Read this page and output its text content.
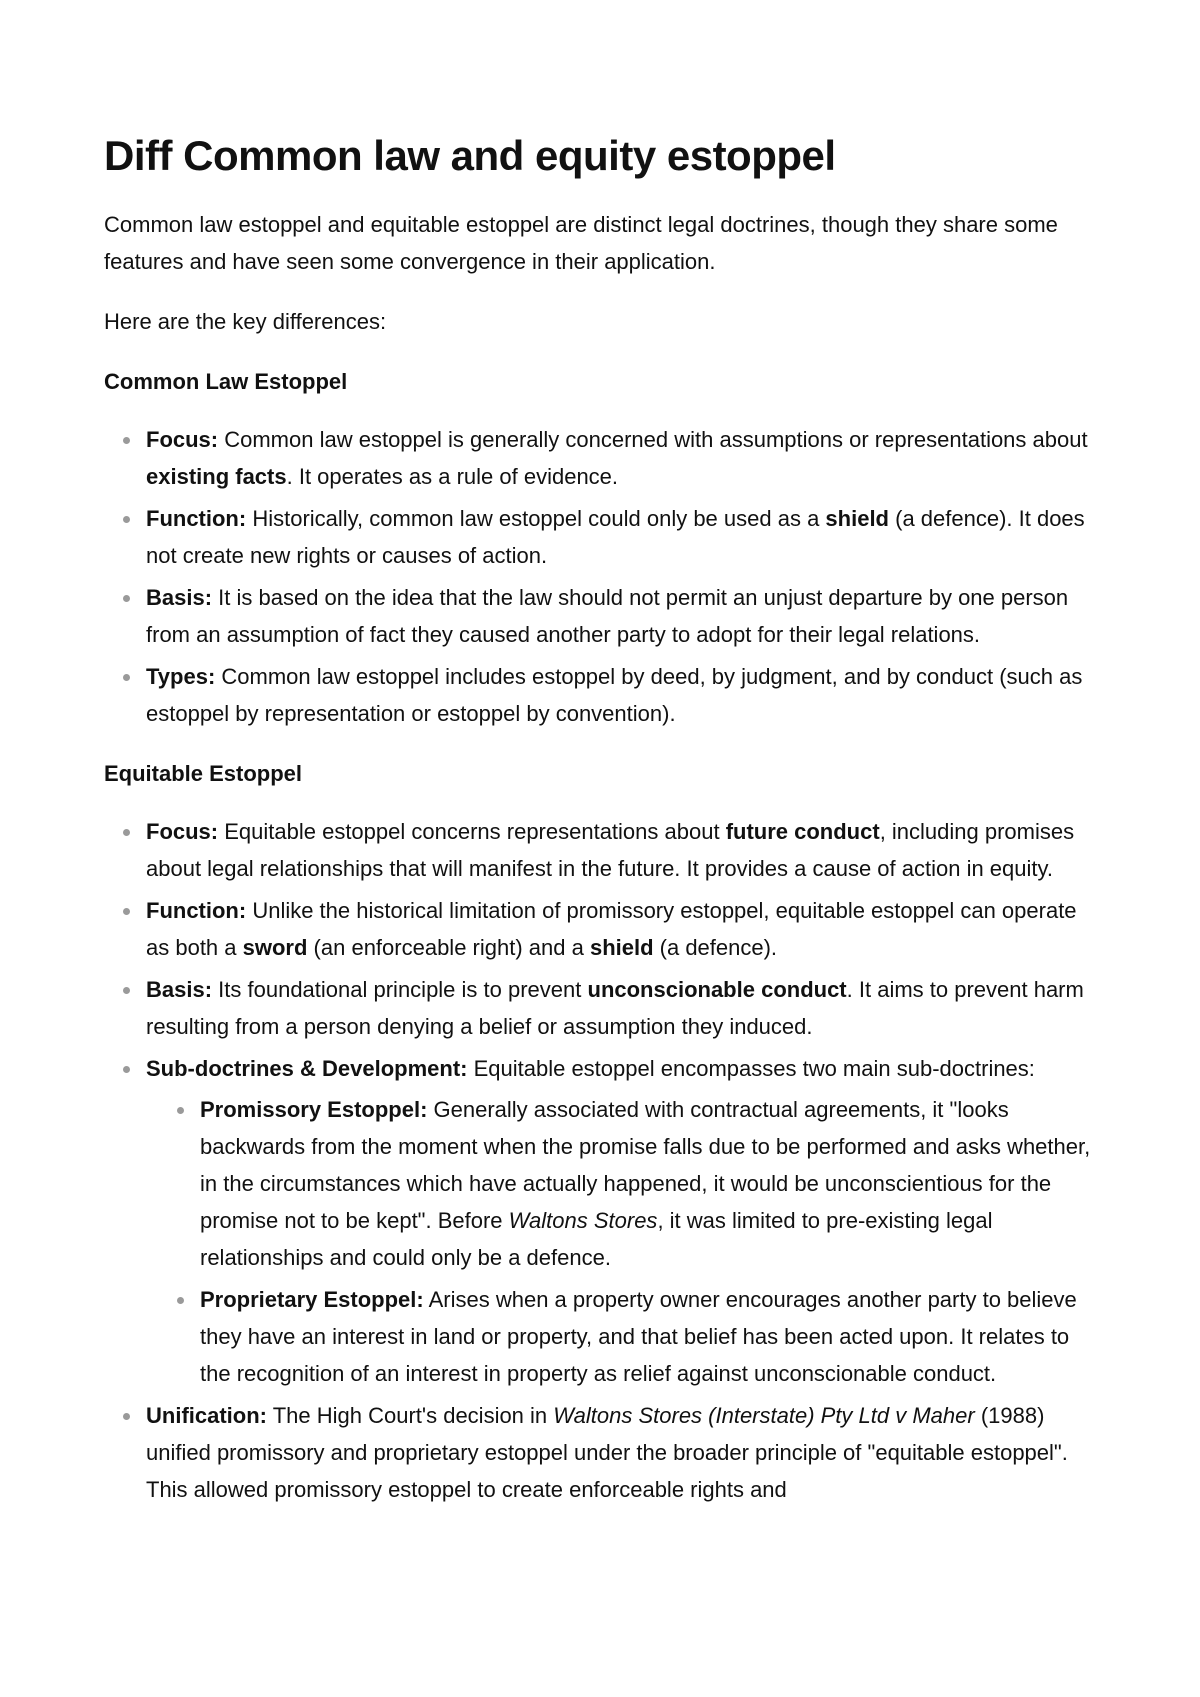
Diff Common law and equity estoppel

Common law estoppel and equitable estoppel are distinct legal doctrines, though they share some features and have seen some convergence in their application.

Here are the key differences:

Common Law Estoppel

Focus: Common law estoppel is generally concerned with assumptions or representations about existing facts. It operates as a rule of evidence.
Function: Historically, common law estoppel could only be used as a shield (a defence). It does not create new rights or causes of action.
Basis: It is based on the idea that the law should not permit an unjust departure by one person from an assumption of fact they caused another party to adopt for their legal relations.
Types: Common law estoppel includes estoppel by deed, by judgment, and by conduct (such as estoppel by representation or estoppel by convention).

Equitable Estoppel

Focus: Equitable estoppel concerns representations about future conduct, including promises about legal relationships that will manifest in the future. It provides a cause of action in equity.
Function: Unlike the historical limitation of promissory estoppel, equitable estoppel can operate as both a sword (an enforceable right) and a shield (a defence).
Basis: Its foundational principle is to prevent unconscionable conduct. It aims to prevent harm resulting from a person denying a belief or assumption they induced.
Sub-doctrines & Development: Equitable estoppel encompasses two main sub-doctrines:
Promissory Estoppel: Generally associated with contractual agreements, it "looks backwards from the moment when the promise falls due to be performed and asks whether, in the circumstances which have actually happened, it would be unconscientious for the promise not to be kept". Before Waltons Stores, it was limited to pre-existing legal relationships and could only be a defence.
Proprietary Estoppel: Arises when a property owner encourages another party to believe they have an interest in land or property, and that belief has been acted upon. It relates to the recognition of an interest in property as relief against unconscionable conduct.
Unification: The High Court's decision in Waltons Stores (Interstate) Pty Ltd v Maher (1988) unified promissory and proprietary estoppel under the broader principle of "equitable estoppel". This allowed promissory estoppel to create enforceable rights and
